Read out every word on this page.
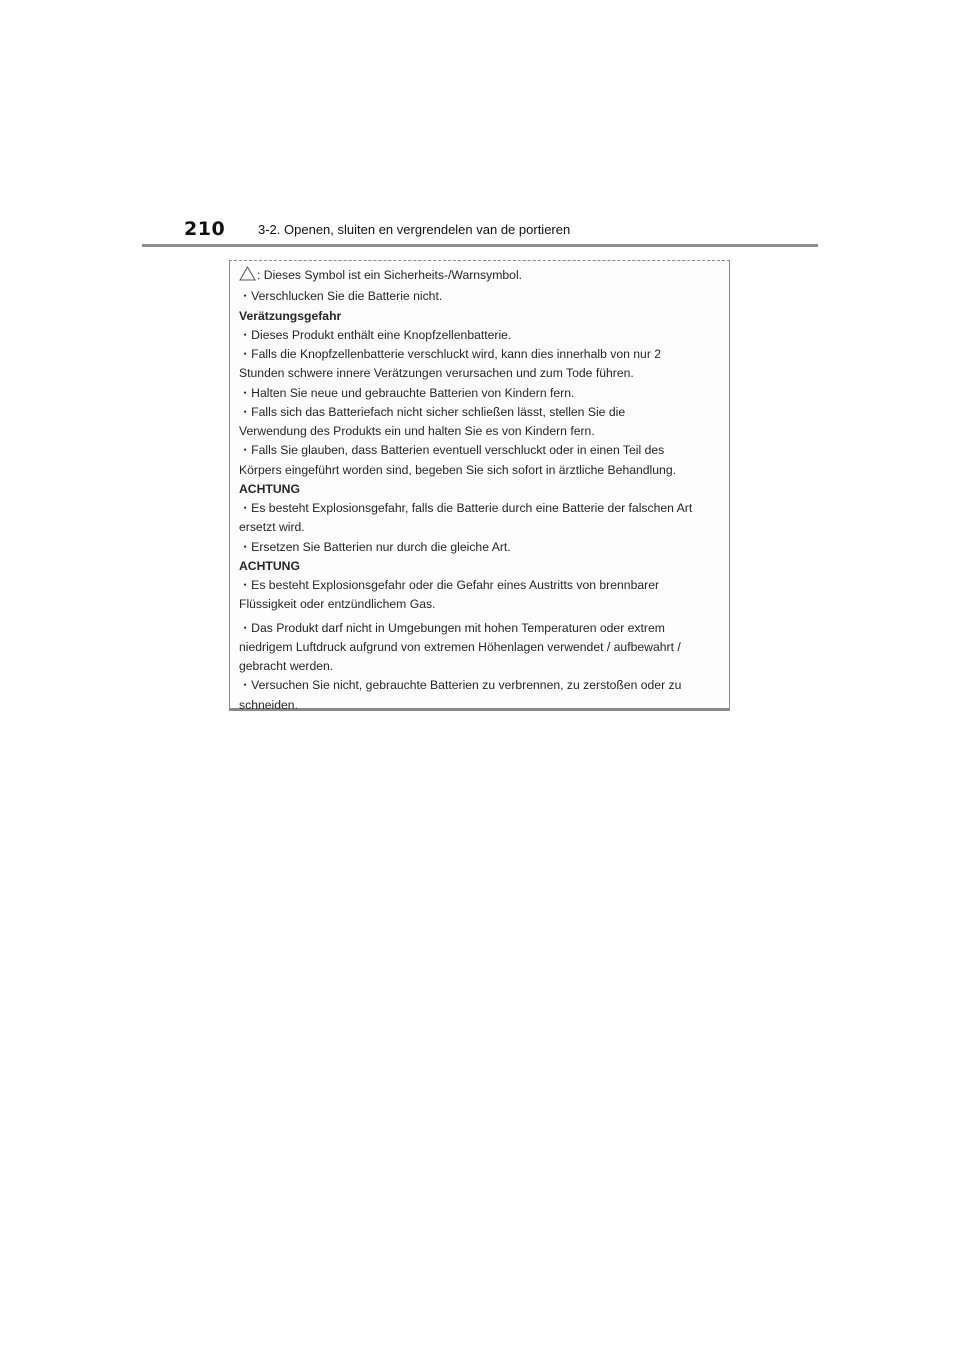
210	3-2. Openen, sluiten en vergrendelen van de portieren
: Dieses Symbol ist ein Sicherheits-/Warnsymbol.
・Verschlucken Sie die Batterie nicht.
Verätzungsgefahr
・Dieses Produkt enthält eine Knopfzellenbatterie.
・Falls die Knopfzellenbatterie verschluckt wird, kann dies innerhalb von nur 2
Stunden schwere innere Verätzungen verursachen und zum Tode führen.
・Halten Sie neue und gebrauchte Batterien von Kindern fern.
・Falls sich das Batteriefach nicht sicher schließen lässt, stellen Sie die
Verwendung des Produkts ein und halten Sie es von Kindern fern.
・Falls Sie glauben, dass Batterien eventuell verschluckt oder in einen Teil des
Körpers eingeführt worden sind, begeben Sie sich sofort in ärztliche Behandlung.
ACHTUNG
・Es besteht Explosionsgefahr, falls die Batterie durch eine Batterie der falschen Art
ersetzt wird.
・Ersetzen Sie Batterien nur durch die gleiche Art.
ACHTUNG
・Es besteht Explosionsgefahr oder die Gefahr eines Austritts von brennbarer
Flüssigkeit oder entzündlichem Gas.
・Das Produkt darf nicht in Umgebungen mit hohen Temperaturen oder extrem
niedrigem Luftdruck aufgrund von extremen Höhenlagen verwendet / aufbewahrt /
gebracht werden.
・Versuchen Sie nicht, gebrauchte Batterien zu verbrennen, zu zerstoßen oder zu
schneiden.
